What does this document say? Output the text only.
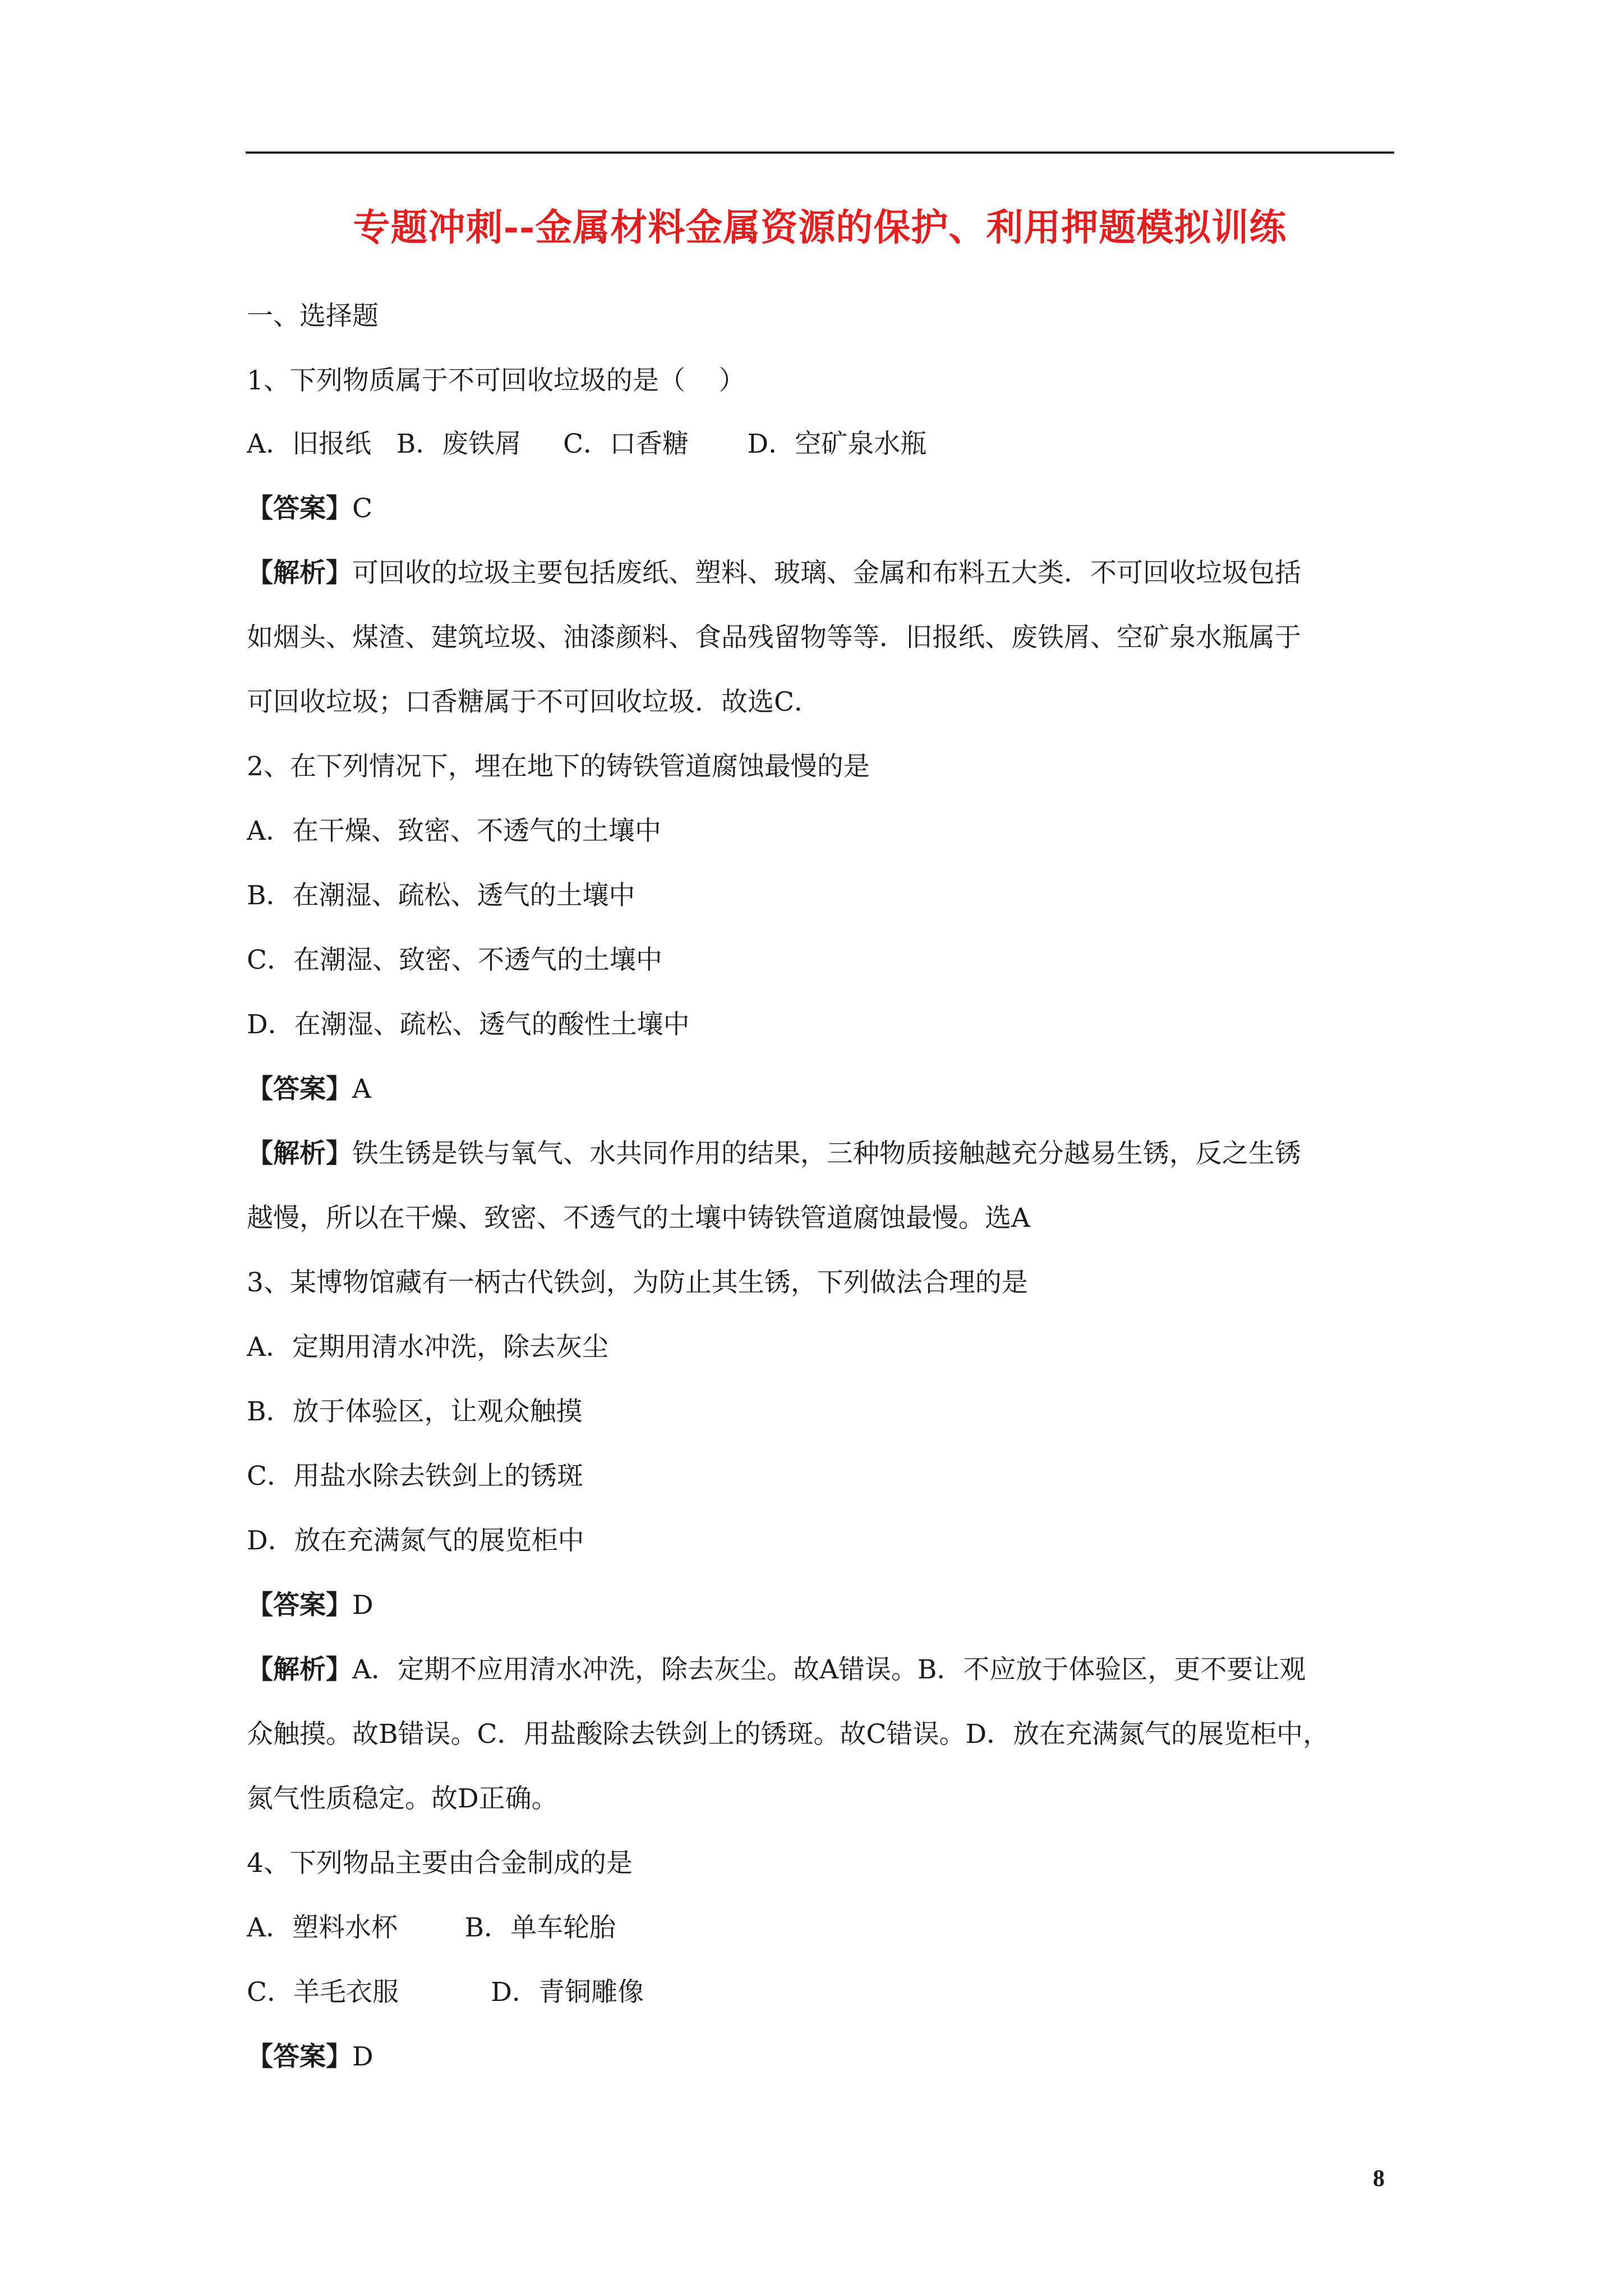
专题冲刺--金属材料金属资源的保护、利用押题模拟训练
一、选择题
1、下列物质属于不可回收垃圾的是（    ）
A．旧报纸   B．废铁屑     C．口香糖       D．空矿泉水瓶
【答案】C
【解析】可回收的垃圾主要包括废纸、塑料、玻璃、金属和布料五大类．不可回收垃圾包括
如烟头、煤渣、建筑垃圾、油漆颜料、食品残留物等等．旧报纸、废铁屑、空矿泉水瓶属于
可回收垃圾；口香糖属于不可回收垃圾．故选C．
2、在下列情况下，埋在地下的铸铁管道腐蚀最慢的是
A．在干燥、致密、不透气的土壤中
B．在潮湿、疏松、透气的土壤中
C．在潮湿、致密、不透气的土壤中
D．在潮湿、疏松、透气的酸性土壤中
【答案】A
【解析】铁生锈是铁与氧气、水共同作用的结果，三种物质接触越充分越易生锈，反之生锈
越慢，所以在干燥、致密、不透气的土壤中铸铁管道腐蚀最慢。选A
3、某博物馆藏有一柄古代铁剑，为防止其生锈，下列做法合理的是
A．定期用清水冲洗，除去灰尘
B．放于体验区，让观众触摸
C．用盐水除去铁剑上的锈斑
D．放在充满氮气的展览柜中
【答案】D
【解析】A．定期不应用清水冲洗，除去灰尘。故A错误。B．不应放于体验区，更不要让观
众触摸。故B错误。C．用盐酸除去铁剑上的锈斑。故C错误。D．放在充满氮气的展览柜中，
氮气性质稳定。故D正确。
4、下列物品主要由合金制成的是
A．塑料水杯        B．单车轮胎
C．羊毛衣服           D．青铜雕像
【答案】D
8
